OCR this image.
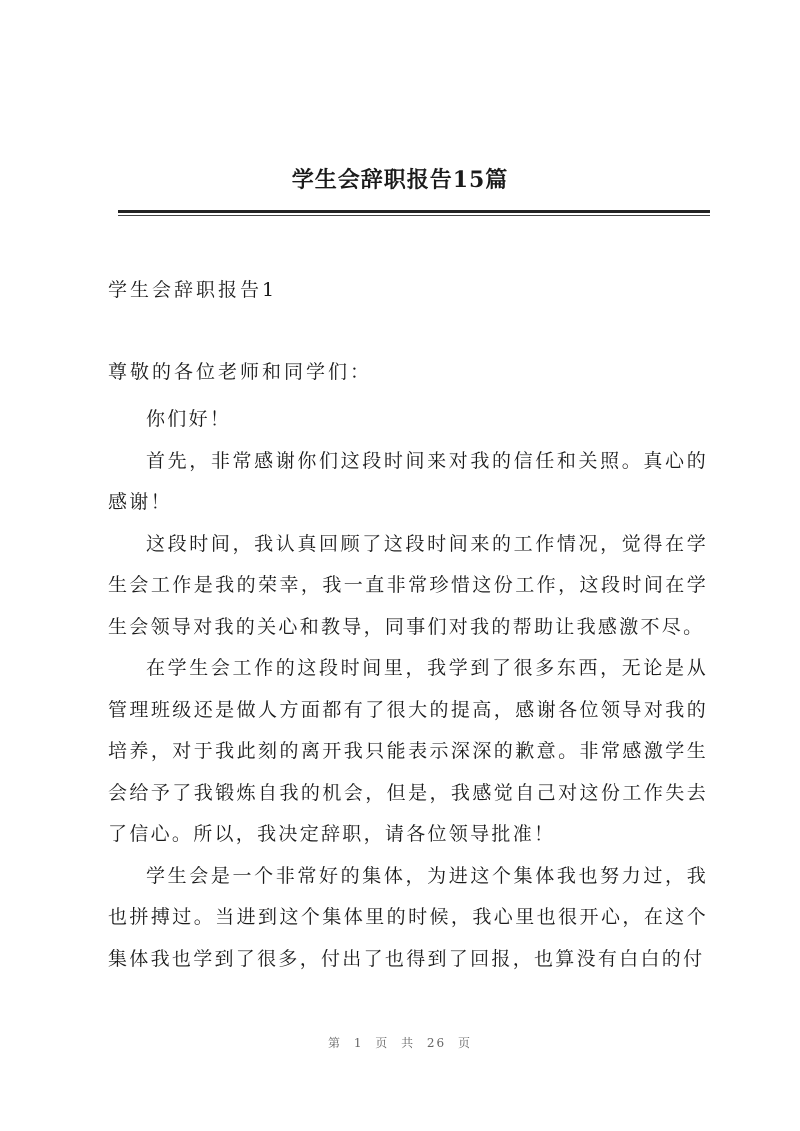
学生会辞职报告15篇
学生会辞职报告1

尊敬的各位老师和同学们：

你们好！

首先，非常感谢你们这段时间来对我的信任和关照。真心的感谢！

这段时间，我认真回顾了这段时间来的工作情况，觉得在学生会工作是我的荣幸，我一直非常珍惜这份工作，这段时间在学生会领导对我的关心和教导，同事们对我的帮助让我感激不尽。

在学生会工作的这段时间里，我学到了很多东西，无论是从管理班级还是做人方面都有了很大的提高，感谢各位领导对我的培养，对于我此刻的离开我只能表示深深的歉意。非常感激学生会给予了我锻炼自我的机会，但是，我感觉自己对这份工作失去了信心。所以，我决定辞职，请各位领导批准！

学生会是一个非常好的集体，为进这个集体我也努力过，我也拼搏过。当进到这个集体里的时候，我心里也很开心，在这个集体我也学到了很多，付出了也得到了回报，也算没有白白的付

第 1 页 共 26 页
